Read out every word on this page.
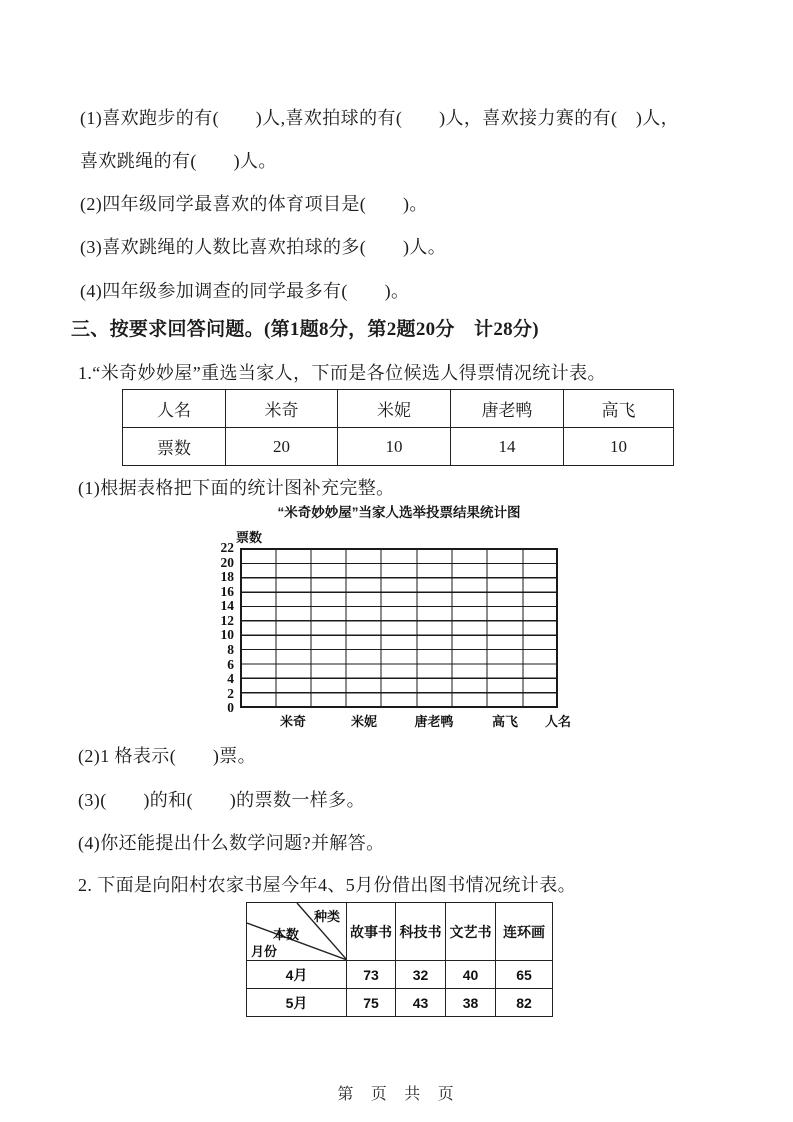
(1)喜欢跑步的有(　　)人,喜欢拍球的有(　　)人，喜欢接力赛的有(　)人，
喜欢跳绳的有(　　)人。
(2)四年级同学最喜欢的体育项目是(　　)。
(3)喜欢跳绳的人数比喜欢拍球的多(　　)人。
(4)四年级参加调查的同学最多有(　　)。
三、按要求回答问题。(第1题8分，第2题20分　计28分)
1.“米奇妙妙屋”重选当家人，下而是各位候选人得票情况统计表。
人名	米奇	米妮	唐老鸭	高飞
票数	20	10	14	10
(1)根据表格把下面的统计图补充完整。
“米奇妙妙屋”当家人选举投票结果统计图
票数
22
20
18
16
14
12
10
8
6
4
2
0
米奇	米妮	唐老鸭	高飞 人名
(2)1 格表示(　　)票。
(3)(　　)的和(　　)的票数一样多。
(4)你还能提出什么数学问题?并解答。
2. 下面是向阳村农家书屋今年4、5月份借出图书情况统计表。
种类
本数
月份	故事书	科技书	文艺书	连环画
4月	73	32	40	65
5月	75	43	38	82
第 页 共 页
